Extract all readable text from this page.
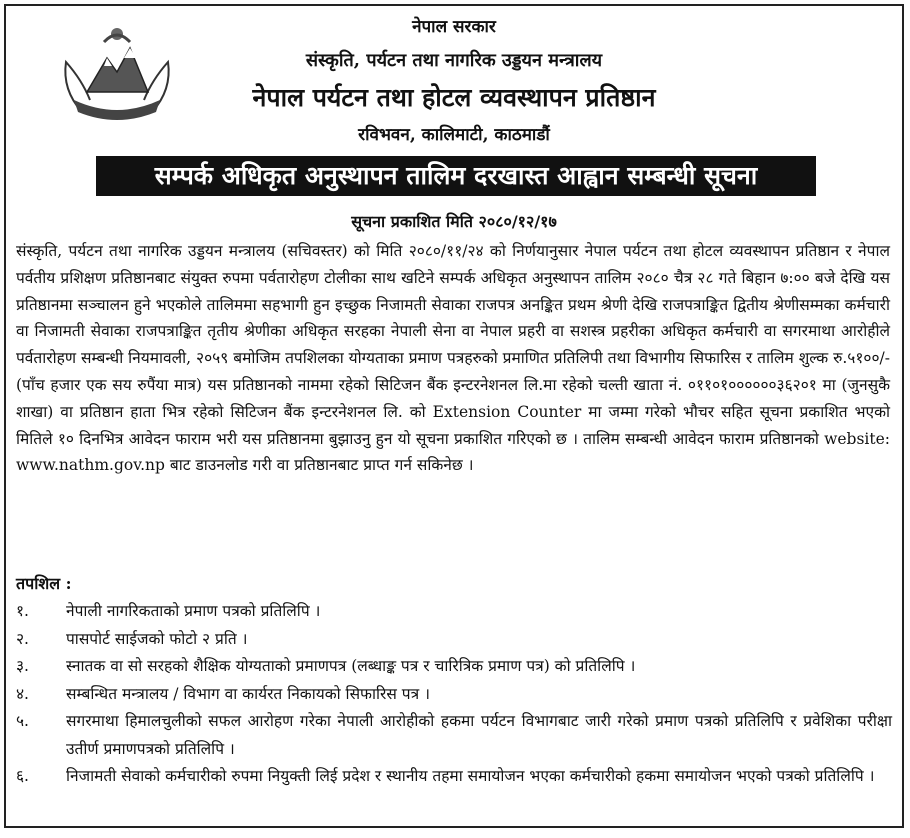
नेपाल सरकार
संस्कृति, पर्यटन तथा नागरिक उड्डयन मन्त्रालय
नेपाल पर्यटन तथा होटल व्यवस्थापन प्रतिष्ठान
रविभवन, कालिमाटी, काठमाडौं
सम्पर्क अधिकृत अनुस्थापन तालिम दरखास्त आह्वान सम्बन्धी सूचना
सूचना प्रकाशित मिति २०८०/१२/१७
संस्कृति, पर्यटन तथा नागरिक उड्डयन मन्त्रालय (सचिवस्तर) को मिति २०८०/११/२४ को निर्णयानुसार नेपाल पर्यटन तथा होटल व्यवस्थापन प्रतिष्ठान र नेपाल पर्वतीय प्रशिक्षण प्रतिष्ठानबाट संयुक्त रुपमा पर्वतारोहण टोलीका साथ खटिने सम्पर्क अधिकृत अनुस्थापन तालिम २०८० चैत्र २८ गते बिहान ७:०० बजे देखि यस प्रतिष्ठानमा सञ्चालन हुने भएकोले तालिममा सहभागी हुन इच्छुक निजामती सेवाका राजपत्र अनङ्कित प्रथम श्रेणी देखि राजपत्राङ्कित द्वितीय श्रेणीसम्मका कर्मचारी वा निजामती सेवाका राजपत्राङ्कित तृतीय श्रेणीका अधिकृत सरहका नेपाली सेना वा नेपाल प्रहरी वा सशस्त्र प्रहरीका अधिकृत कर्मचारी वा सगरमाथा आरोहीले पर्वतारोहण सम्बन्धी नियमावली, २०५९ बमोजिम तपशिलका योग्यताका प्रमाण पत्रहरुको प्रमाणित प्रतिलिपी तथा विभागीय सिफारिस र तालिम शुल्क रु.५१००/- (पाँच हजार एक सय रुपैंया मात्र) यस प्रतिष्ठानको नाममा रहेको सिटिजन बैंक इन्टरनेशनल लि.मा रहेको चल्ती खाता नं. ०११०१००००००३६२०१ मा (जुनसुकै शाखा) वा प्रतिष्ठान हाता भित्र रहेको सिटिजन बैंक इन्टरनेशनल लि. को Extension Counter मा जम्मा गरेको भौचर सहित सूचना प्रकाशित भएको मितिले १० दिनभित्र आवेदन फाराम भरी यस प्रतिष्ठानमा बुझाउनु हुन यो सूचना प्रकाशित गरिएको छ । तालिम सम्बन्धी आवेदन फाराम प्रतिष्ठानको website: www.nathm.gov.np बाट डाउनलोड गरी वा प्रतिष्ठानबाट प्राप्त गर्न सकिनेछ ।
तपशिल :
१.	नेपाली नागरिकताको प्रमाण पत्रको प्रतिलिपि ।
२.	पासपोर्ट साईजको फोटो २ प्रति ।
३.	स्नातक वा सो सरहको शैक्षिक योग्यताको प्रमाणपत्र (लब्धाङ्क पत्र र चारित्रिक प्रमाण पत्र) को प्रतिलिपि ।
४.	सम्बन्धित मन्त्रालय / विभाग वा कार्यरत निकायको सिफारिस पत्र ।
५.	सगरमाथा हिमालचुलीको सफल आरोहण गरेका नेपाली आरोहीको हकमा पर्यटन विभागबाट जारी गरेको प्रमाण पत्रको प्रतिलिपि र प्रवेशिका परीक्षा उतीर्ण प्रमाणपत्रको प्रतिलिपि ।
६.	निजामती सेवाको कर्मचारीको रुपमा नियुक्ती लिई प्रदेश र स्थानीय तहमा समायोजन भएका कर्मचारीको हकमा समायोजन भएको पत्रको प्रतिलिपि ।
